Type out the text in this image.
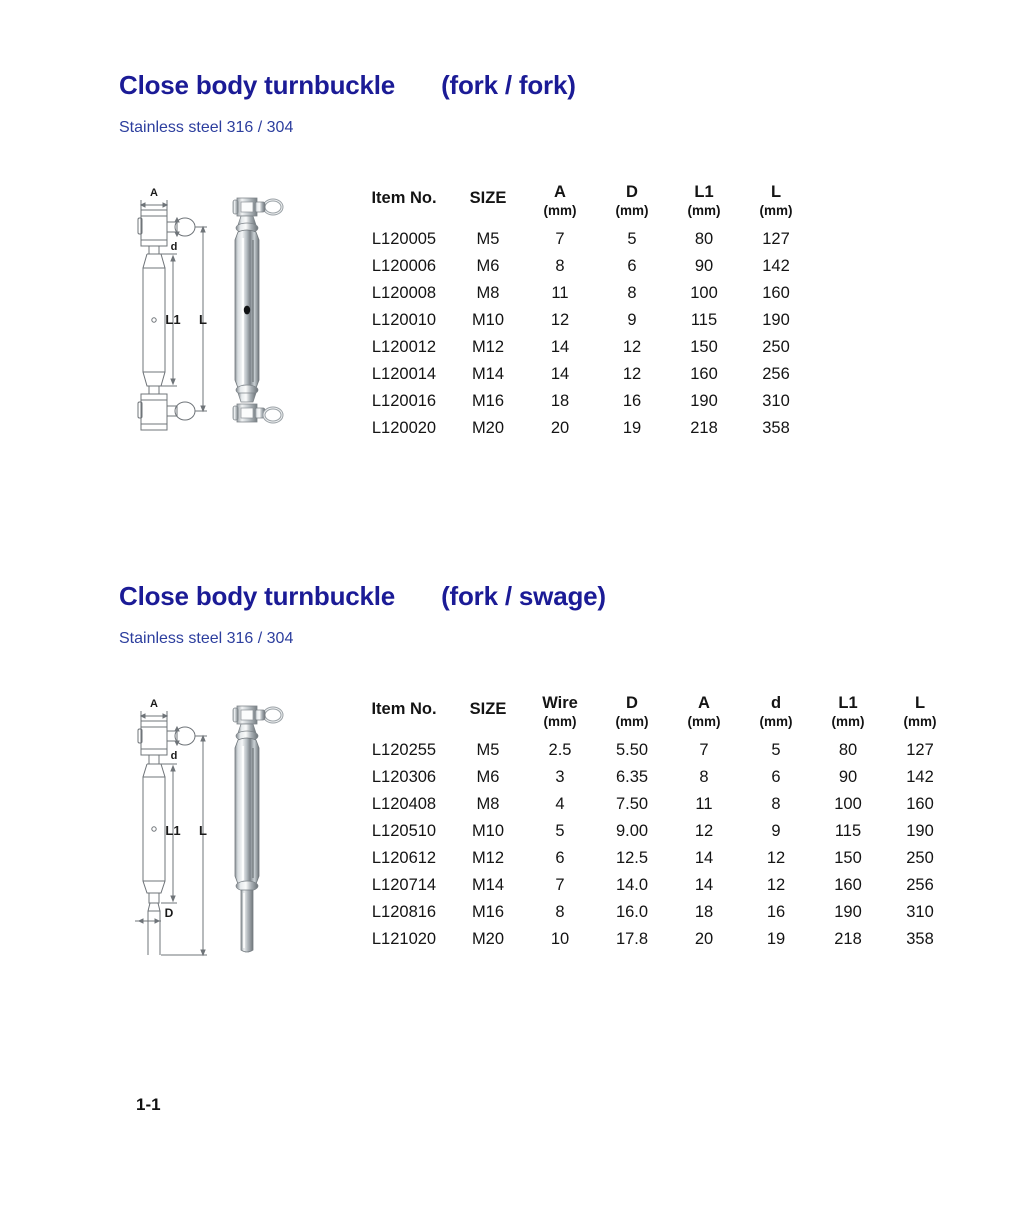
Close body turnbuckle (fork / fork)
Stainless steel 316 / 304
A
d
L1 L
Item No.	SIZE	A	D	L1	L
		(mm)	(mm)	(mm)	(mm)
L120005	M5	7	5	80	127
L120006	M6	8	6	90	142
L120008	M8	11	8	100	160
L120010	M10	12	9	115	190
L120012	M12	14	12	150	250
L120014	M14	14	12	160	256
L120016	M16	18	16	190	310
L120020	M20	20	19	218	358
Close body turnbuckle (fork / swage)
Stainless steel 316 / 304
A
d
L1 L
D
Item No.	SIZE	Wire	D	A	d	L1	L
		(mm)	(mm)	(mm)	(mm)	(mm)	(mm)
L120255	M5	2.5	5.50	7	5	80	127
L120306	M6	3	6.35	8	6	90	142
L120408	M8	4	7.50	11	8	100	160
L120510	M10	5	9.00	12	9	115	190
L120612	M12	6	12.5	14	12	150	250
L120714	M14	7	14.0	14	12	160	256
L120816	M16	8	16.0	18	16	190	310
L121020	M20	10	17.8	20	19	218	358
1-1
